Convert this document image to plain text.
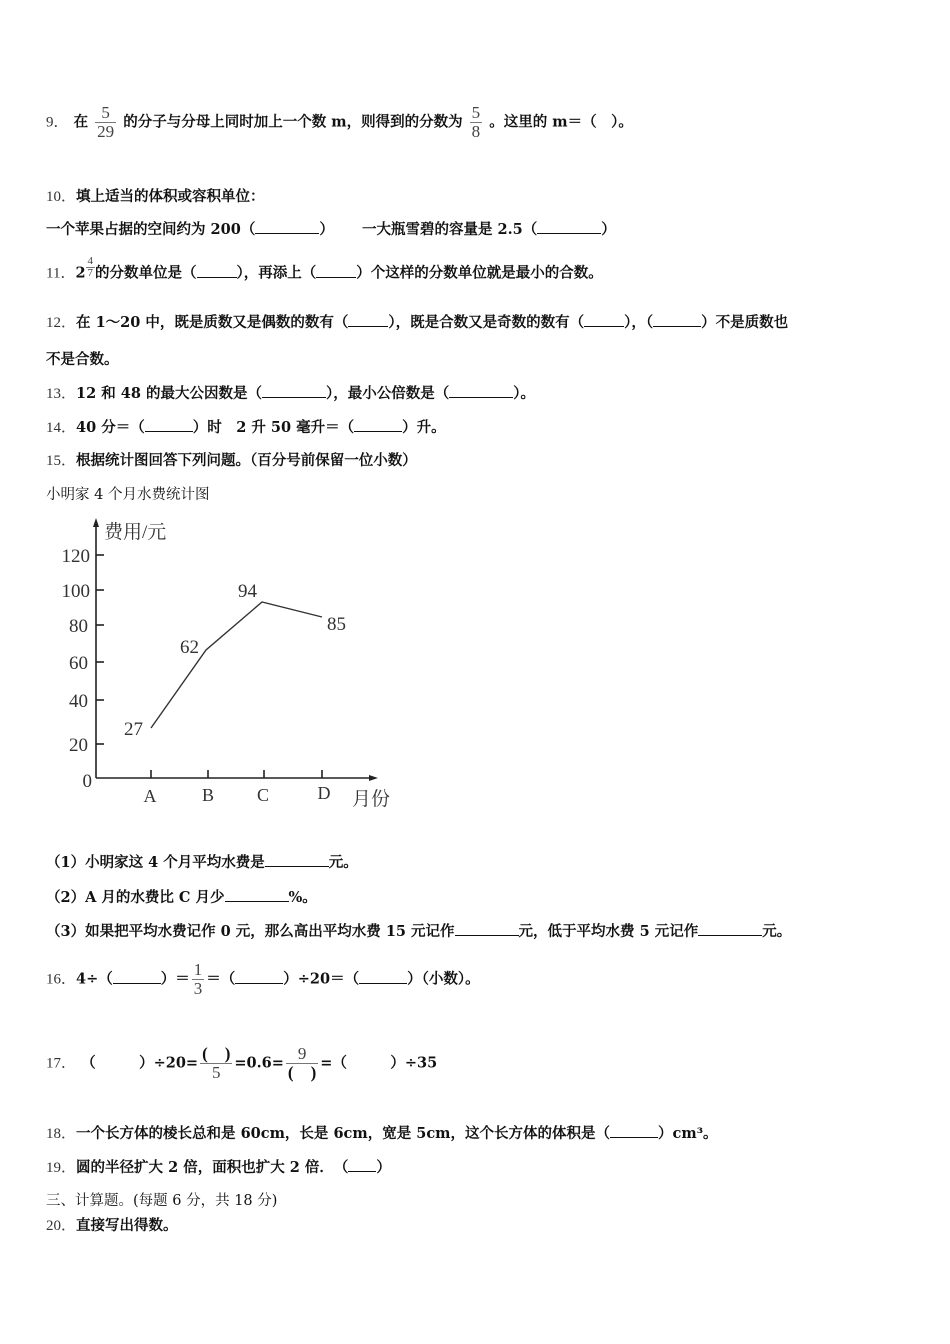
9． 在 $\frac{5}{29}$ 的分子与分母上同时加上一个数 m，则得到的分数为 $\frac{5}{8}$ 。这里的 m＝（　）。
10．填上适当的体积或容积单位：
一个苹果占据的空间约为 200（	） 一大瓶雪碧的容量是 2.5（	）
11．$2 \frac{4}{7}$ 的分数单位是（	），再添上（	）个这样的分数单位就是最小的合数。
12．在 1～20 中，既是质数又是偶数的数有（	），既是合数又是奇数的数有（	），（	）不是质数也
不是合数。
13．12 和 48 的最大公因数是（	），最小公倍数是（	）。
14．40 分＝（	）时　2 升 50 毫升＝（	）升。
15．根据统计图回答下列问题。（百分号前保留一位小数）
小明家 4 个月水费统计图
费用/元
120
100
80
60
40
20
0
A	B C	D 月份
27
62
94
85
（1）小明家这 4 个月平均水费是	元。
（2）A 月的水费比 C 月少	%。
（3）如果把平均水费记作 0 元，那么高出平均水费 15 元记作	元，低于平均水费 5 元记作	元。
16．4÷（	）＝ $\frac{1}{3}$ ＝（	）÷20＝（	）（小数）。
17． （　　　）$\div 20= \frac{( )}{5} =0.6= \frac{9}{( )}$ =（　　　）÷35
18．一个长方体的棱长总和是 60cm，长是 6cm，宽是 5cm，这个长方体的体积是（	）cm³。
19．圆的半径扩大 2 倍，面积也扩大 2 倍．　（ ）
三、计算题。(每题 6 分，共 18 分)
20．直接写出得数。
